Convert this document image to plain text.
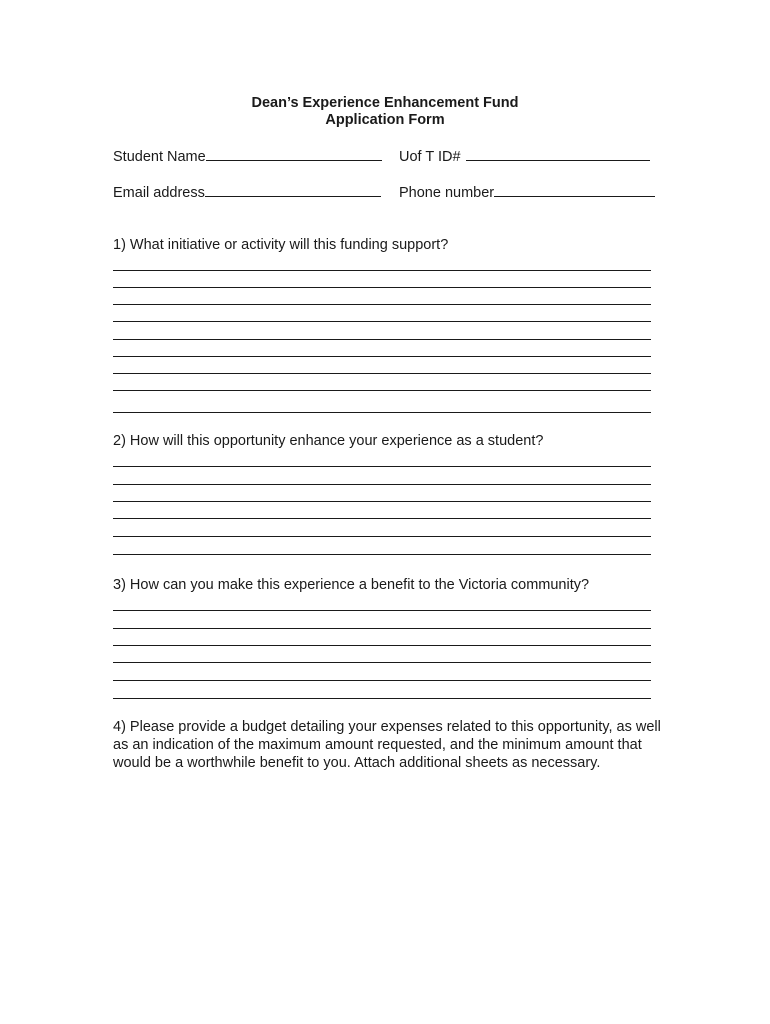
Dean’s Experience Enhancement Fund
Application Form
Student Name	Uof T ID#
Email address	Phone number
1) What initiative or activity will this funding support?
2) How will this opportunity enhance your experience as a student?
3) How can you make this experience a benefit to the Victoria community?
4) Please provide a budget detailing your expenses related to this opportunity, as well as an indication of the maximum amount requested, and the minimum amount that would be a worthwhile benefit to you. Attach additional sheets as necessary.
